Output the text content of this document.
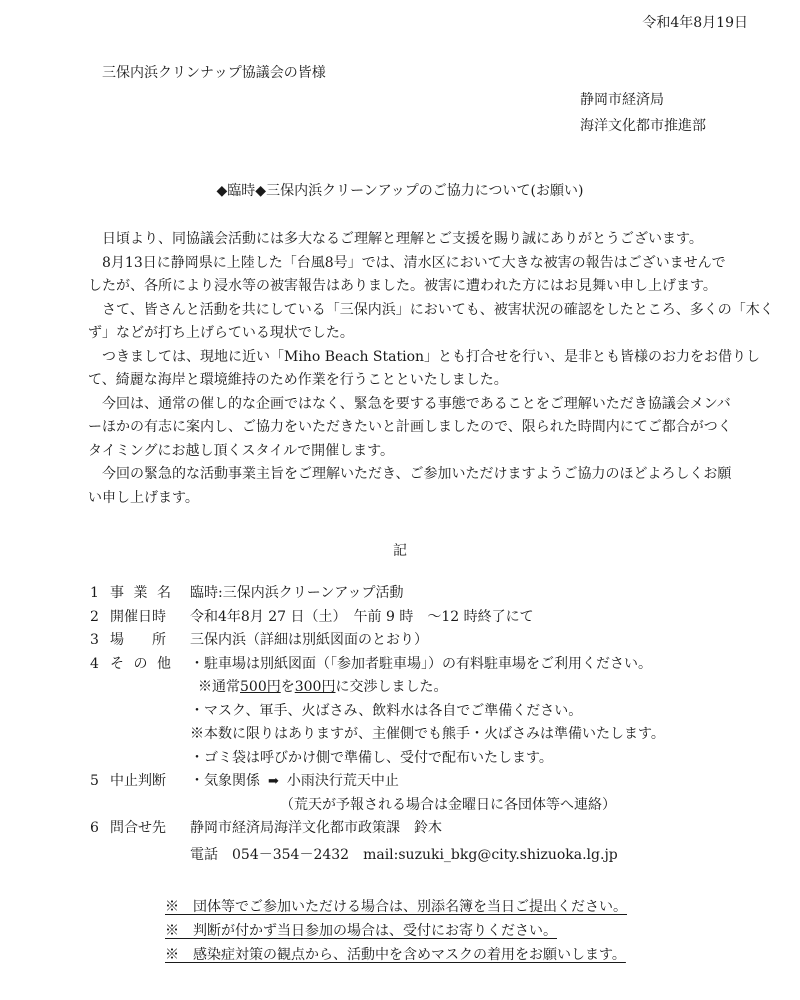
令和4年8月19日
三保内浜クリンナップ協議会の皆様
静岡市経済局
海洋文化都市推進部
◆臨時◆三保内浜クリーンアップのご協力について(お願い)

日頃より、同協議会活動には多大なるご理解と理解とご支援を賜り誠にありがとうございます。

8月13日に静岡県に上陸した「台風8号」では、清水区において大きな被害の報告はございませんで

したが、各所により浸水等の被害報告はありました。被害に遭われた方にはお見舞い申し上げます。

さて、皆さんと活動を共にしている「三保内浜」においても、被害状況の確認をしたところ、多くの「木く

ず」などが打ち上げらている現状でした。

つきましては、現地に近い「Miho Beach Station」とも打合せを行い、是非とも皆様のお力をお借りし

て、綺麗な海岸と環境維持のため作業を行うことといたしました。

今回は、通常の催し的な企画ではなく、緊急を要する事態であることをご理解いただき協議会メンバ

ーほかの有志に案内し、ご協力をいただきたいと計画しましたので、限られた時間内にてご都合がつく

タイミングにお越し頂くスタイルで開催します。

今回の緊急的な活動事業主旨をご理解いただき、ご参加いただけますようご協力のほどよろしくお願

い申し上げます。

記
1 事 業 名	臨時:三保内浜クリーンアップ活動
2 開催日時	令和4年8月 27 日（土）　午前 9 時　～12 時終了にて
3 場　　所	三保内浜（詳細は別紙図面のとおり）
4 そ の 他	・駐車場は別紙図面（「参加者駐車場」）の有料駐車場をご利用ください。
※通常500円を300円に交渉しました。
・マスク、軍手、火ばさみ、飲料水は各自でご準備ください。
※本数に限りはありますが、主催側でも熊手・火ばさみは準備いたします。
・ゴミ袋は呼びかけ側で準備し、受付で配布いたします。
5 中止判断	・気象関係 ➡ 小雨決行荒天中止
（荒天が予報される場合は金曜日に各団体等へ連絡）
6 問合せ先	静岡市経済局海洋文化都市政策課　鈴木
電話　054－354－2432　mail:suzuki_bkg@city.shizuoka.lg.jp

※　団体等でご参加いただける場合は、別添名簿を当日ご提出ください。

※　判断が付かず当日参加の場合は、受付にお寄りください。

※　感染症対策の観点から、活動中を含めマスクの着用をお願いします。
